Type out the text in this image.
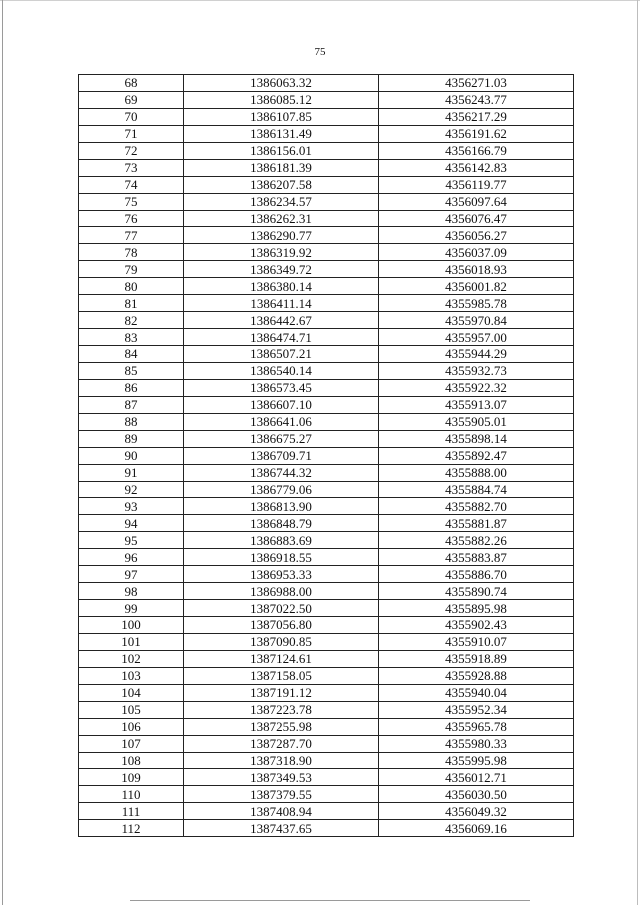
75
68	1386063.32	4356271.03
69	1386085.12	4356243.77
70	1386107.85	4356217.29
71	1386131.49	4356191.62
72	1386156.01	4356166.79
73	1386181.39	4356142.83
74	1386207.58	4356119.77
75	1386234.57	4356097.64
76	1386262.31	4356076.47
77	1386290.77	4356056.27
78	1386319.92	4356037.09
79	1386349.72	4356018.93
80	1386380.14	4356001.82
81	1386411.14	4355985.78
82	1386442.67	4355970.84
83	1386474.71	4355957.00
84	1386507.21	4355944.29
85	1386540.14	4355932.73
86	1386573.45	4355922.32
87	1386607.10	4355913.07
88	1386641.06	4355905.01
89	1386675.27	4355898.14
90	1386709.71	4355892.47
91	1386744.32	4355888.00
92	1386779.06	4355884.74
93	1386813.90	4355882.70
94	1386848.79	4355881.87
95	1386883.69	4355882.26
96	1386918.55	4355883.87
97	1386953.33	4355886.70
98	1386988.00	4355890.74
99	1387022.50	4355895.98
100	1387056.80	4355902.43
101	1387090.85	4355910.07
102	1387124.61	4355918.89
103	1387158.05	4355928.88
104	1387191.12	4355940.04
105	1387223.78	4355952.34
106	1387255.98	4355965.78
107	1387287.70	4355980.33
108	1387318.90	4355995.98
109	1387349.53	4356012.71
110	1387379.55	4356030.50
111	1387408.94	4356049.32
112	1387437.65	4356069.16
